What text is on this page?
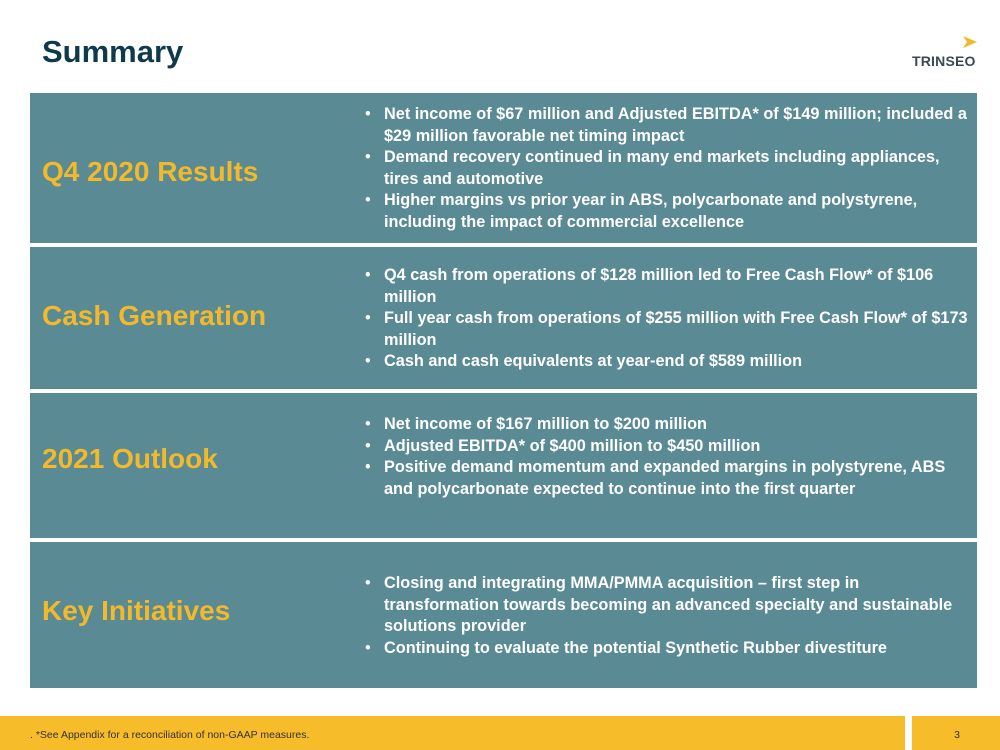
Summary	TRINSEO
Q4 2020 Results
• Net income of $67 million and Adjusted EBITDA* of $149 million; included a $29 million favorable net timing impact
• Demand recovery continued in many end markets including appliances, tires and automotive
• Higher margins vs prior year in ABS, polycarbonate and polystyrene, including the impact of commercial excellence
Cash Generation
• Q4 cash from operations of $128 million led to Free Cash Flow* of $106 million
• Full year cash from operations of $255 million with Free Cash Flow* of $173 million
• Cash and cash equivalents at year-end of $589 million
2021 Outlook
• Net income of $167 million to $200 million
• Adjusted EBITDA* of $400 million to $450 million
• Positive demand momentum and expanded margins in polystyrene, ABS and polycarbonate expected to continue into the first quarter
Key Initiatives
• Closing and integrating MMA/PMMA acquisition – first step in transformation towards becoming an advanced specialty and sustainable solutions provider
• Continuing to evaluate the potential Synthetic Rubber divestiture
. *See Appendix for a reconciliation of non-GAAP measures.	3
